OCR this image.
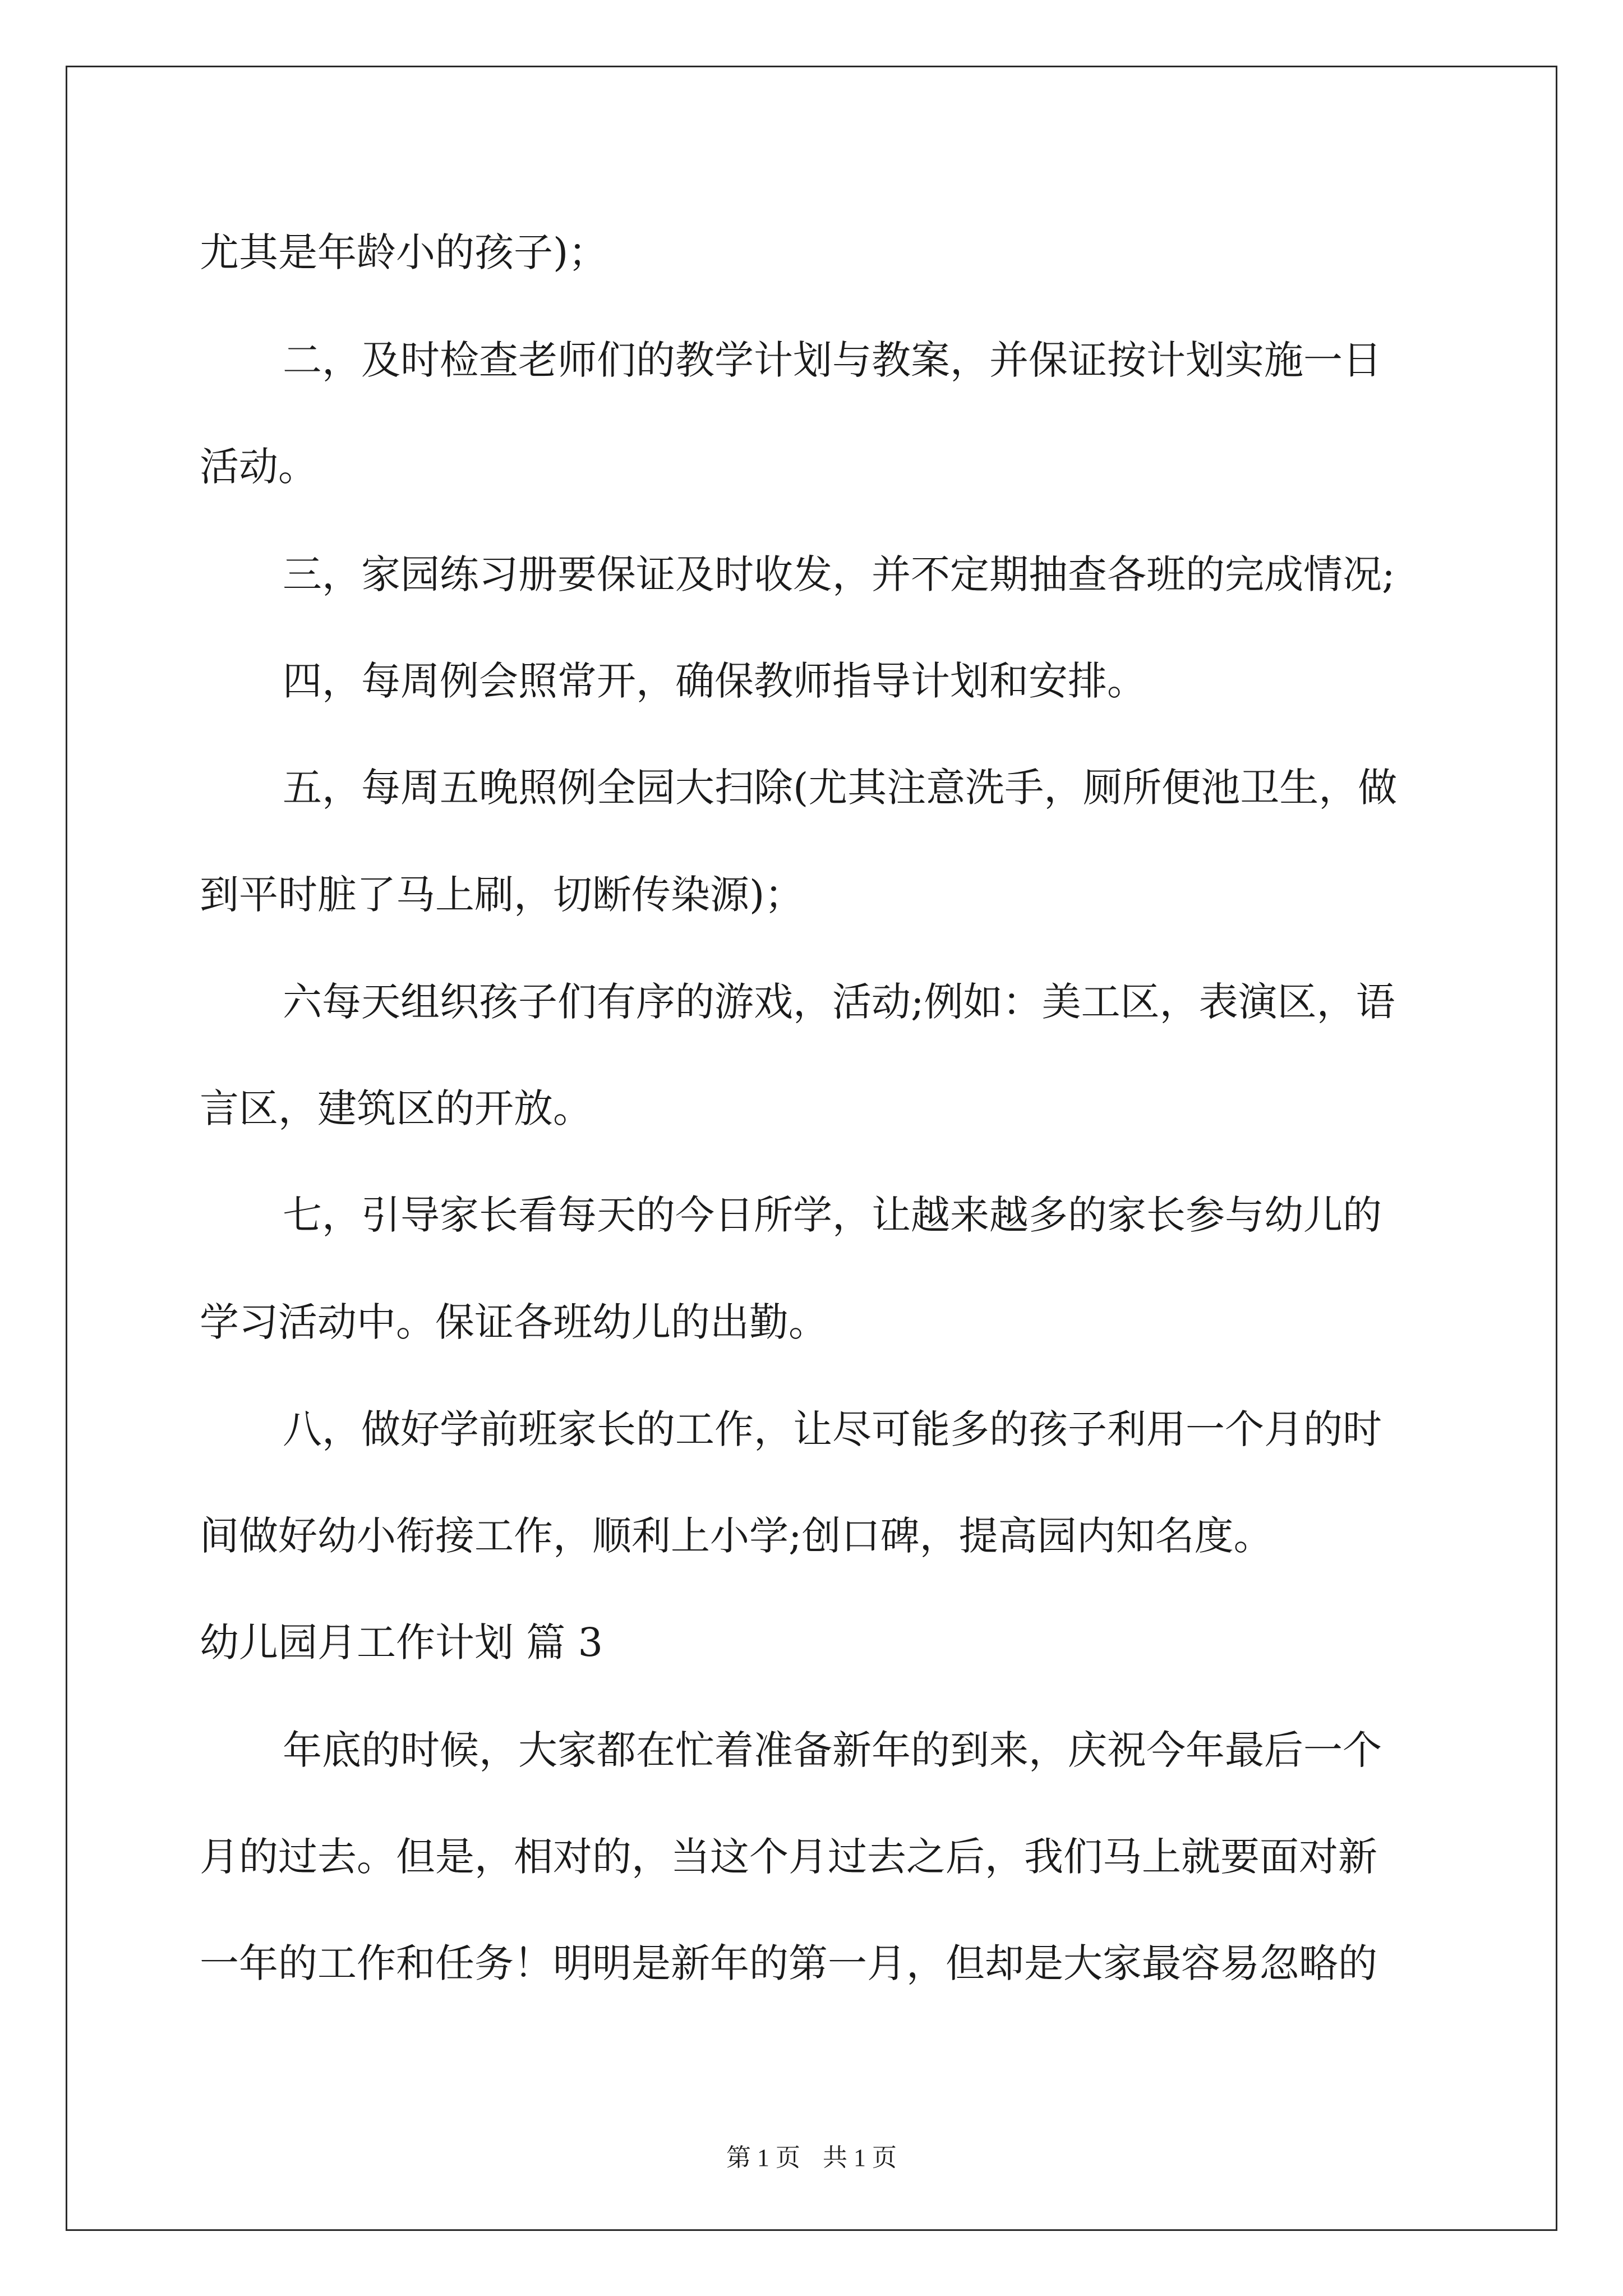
尤其是年龄小的孩子)；

二，及时检查老师们的教学计划与教案，并保证按计划实施一日

活动。

三，家园练习册要保证及时收发，并不定期抽查各班的完成情况;

四，每周例会照常开，确保教师指导计划和安排。

五，每周五晚照例全园大扫除(尤其注意洗手，厕所便池卫生，做

到平时脏了马上刷，切断传染源)；

六每天组织孩子们有序的游戏，活动;例如：美工区，表演区，语

言区，建筑区的开放。

七，引导家长看每天的今日所学，让越来越多的家长参与幼儿的

学习活动中。保证各班幼儿的出勤。

八，做好学前班家长的工作，让尽可能多的孩子利用一个月的时

间做好幼小衔接工作，顺利上小学;创口碑，提高园内知名度。

幼儿园月工作计划 篇 3

年底的时候，大家都在忙着准备新年的到来，庆祝今年最后一个

月的过去。但是，相对的，当这个月过去之后，我们马上就要面对新

一年的工作和任务！明明是新年的第一月，但却是大家最容易忽略的

第 1 页 共 1 页
